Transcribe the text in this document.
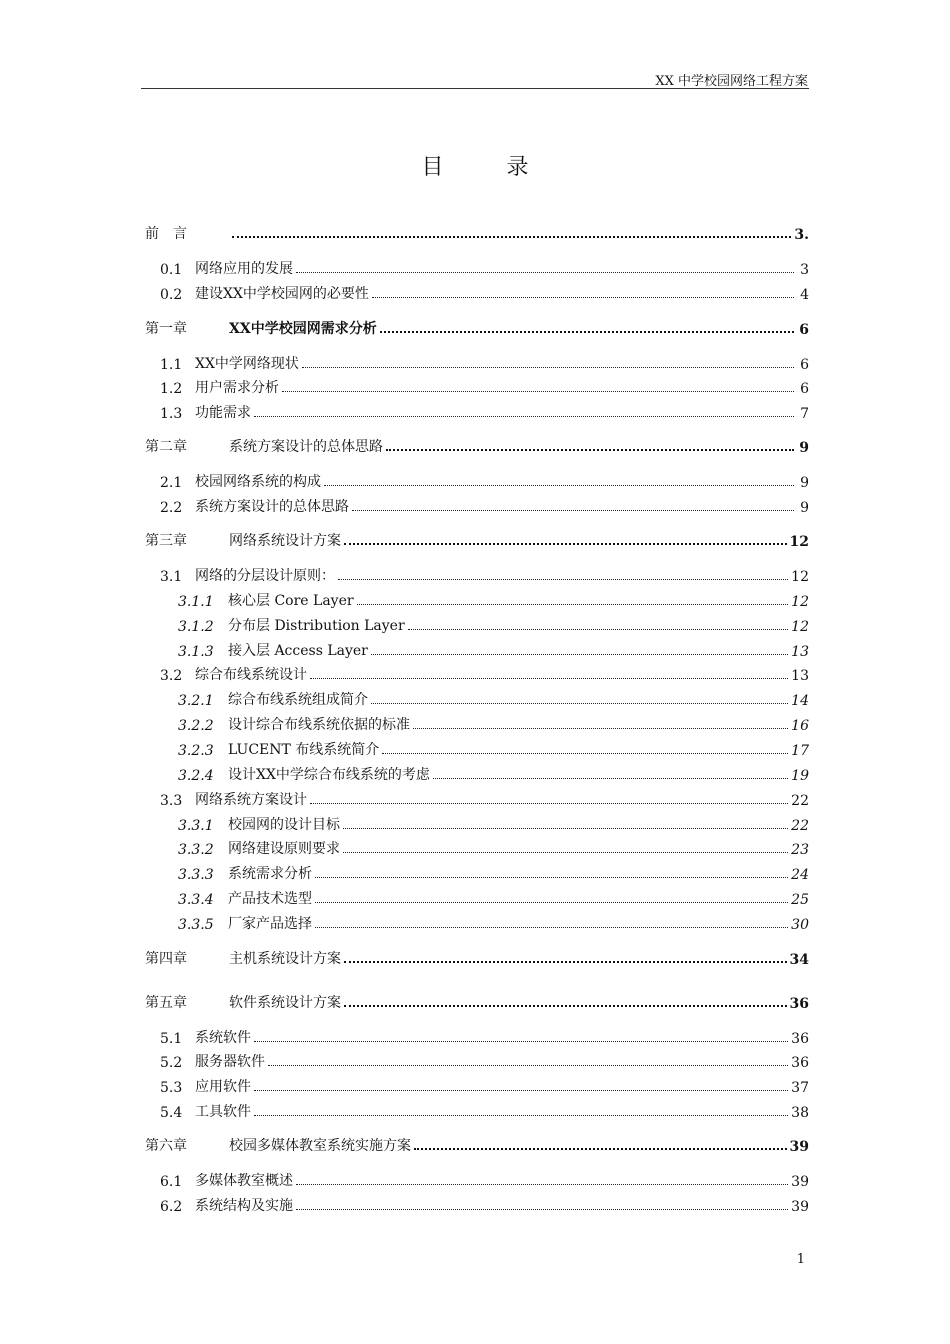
XX 中学校园网络工程方案
目 录
前　言	3.
0.1 网络应用的发展	3
0.2 建设XX中学校园网的必要性	4
第一章	XX中学校园网需求分析	6
1.1 XX中学网络现状	6
1.2 用户需求分析	6
1.3 功能需求	7
第二章	系统方案设计的总体思路	9
2.1 校园网络系统的构成	9
2.2 系统方案设计的总体思路	9
第三章	网络系统设计方案	12
3.1 网络的分层设计原则：	12
3.1.1	核心层 Core Layer	12
3.1.2	分布层 Distribution Layer	12
3.1.3	接入层 Access Layer	13
3.2 综合布线系统设计	13
3.2.1	综合布线系统组成简介	14
3.2.2	设计综合布线系统依据的标准	16
3.2.3	LUCENT 布线系统简介	17
3.2.4	设计XX中学综合布线系统的考虑	19
3.3 网络系统方案设计	22
3.3.1	校园网的设计目标	22
3.3.2	网络建设原则要求	23
3.3.3	系统需求分析	24
3.3.4	产品技术选型	25
3.3.5	厂家产品选择	30
第四章	主机系统设计方案	34
第五章	软件系统设计方案	36
5.1 系统软件	36
5.2 服务器软件	36
5.3 应用软件	37
5.4 工具软件	38
第六章	校园多媒体教室系统实施方案	39
6.1 多媒体教室概述	39
6.2 系统结构及实施	39
1
